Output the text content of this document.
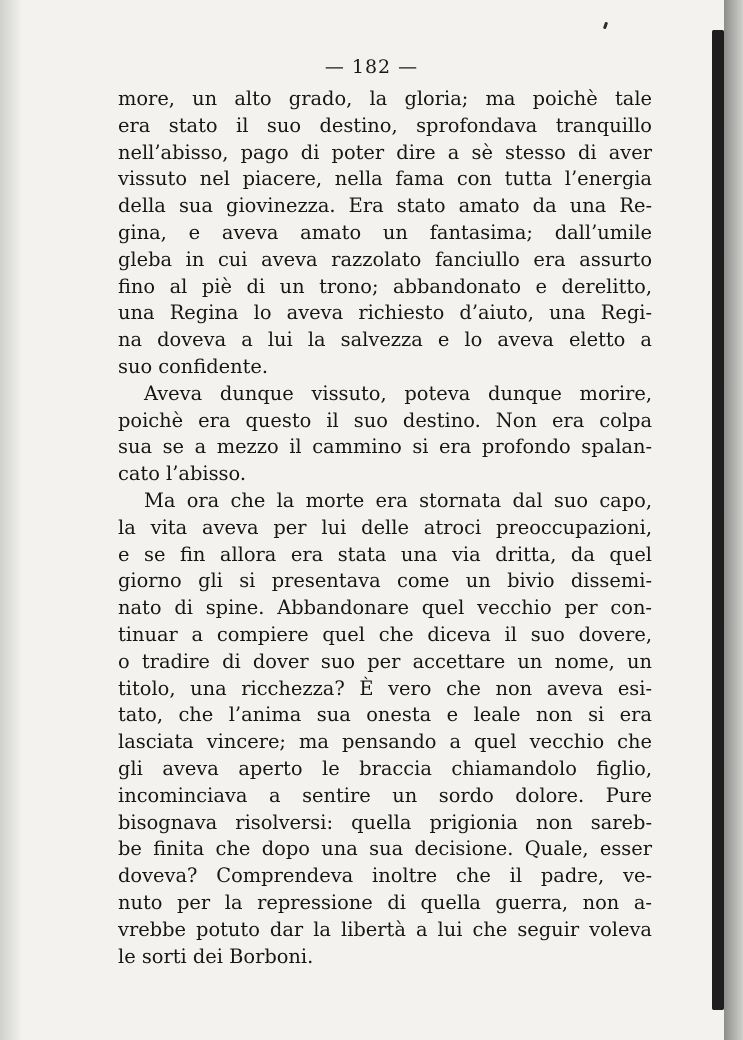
— 182 —
more, un alto grado, la gloria; ma poichè tale
era stato il suo destino, sprofondava tranquillo
nell’abisso, pago di poter dire a sè stesso di aver
vissuto nel piacere, nella fama con tutta l’energia
della sua giovinezza. Era stato amato da una Re-
gina, e aveva amato un fantasima; dall’umile
gleba in cui aveva razzolato fanciullo era assurto
fino al piè di un trono; abbandonato e derelitto,
una Regina lo aveva richiesto d’aiuto, una Regi-
na doveva a lui la salvezza e lo aveva eletto a
suo confidente.
Aveva dunque vissuto, poteva dunque morire,
poichè era questo il suo destino. Non era colpa
sua se a mezzo il cammino si era profondo spalan-
cato l’abisso.
Ma ora che la morte era stornata dal suo capo,
la vita aveva per lui delle atroci preoccupazioni,
e se fin allora era stata una via dritta, da quel
giorno gli si presentava come un bivio dissemi-
nato di spine. Abbandonare quel vecchio per con-
tinuar a compiere quel che diceva il suo dovere,
o tradire di dover suo per accettare un nome, un
titolo, una ricchezza? È vero che non aveva esi-
tato, che l’anima sua onesta e leale non si era
lasciata vincere; ma pensando a quel vecchio che
gli aveva aperto le braccia chiamandolo figlio,
incominciava a sentire un sordo dolore. Pure
bisognava risolversi: quella prigionia non sareb-
be finita che dopo una sua decisione. Quale, esser
doveva? Comprendeva inoltre che il padre, ve-
nuto per la repressione di quella guerra, non a-
vrebbe potuto dar la libertà a lui che seguir voleva
le sorti dei Borboni.
